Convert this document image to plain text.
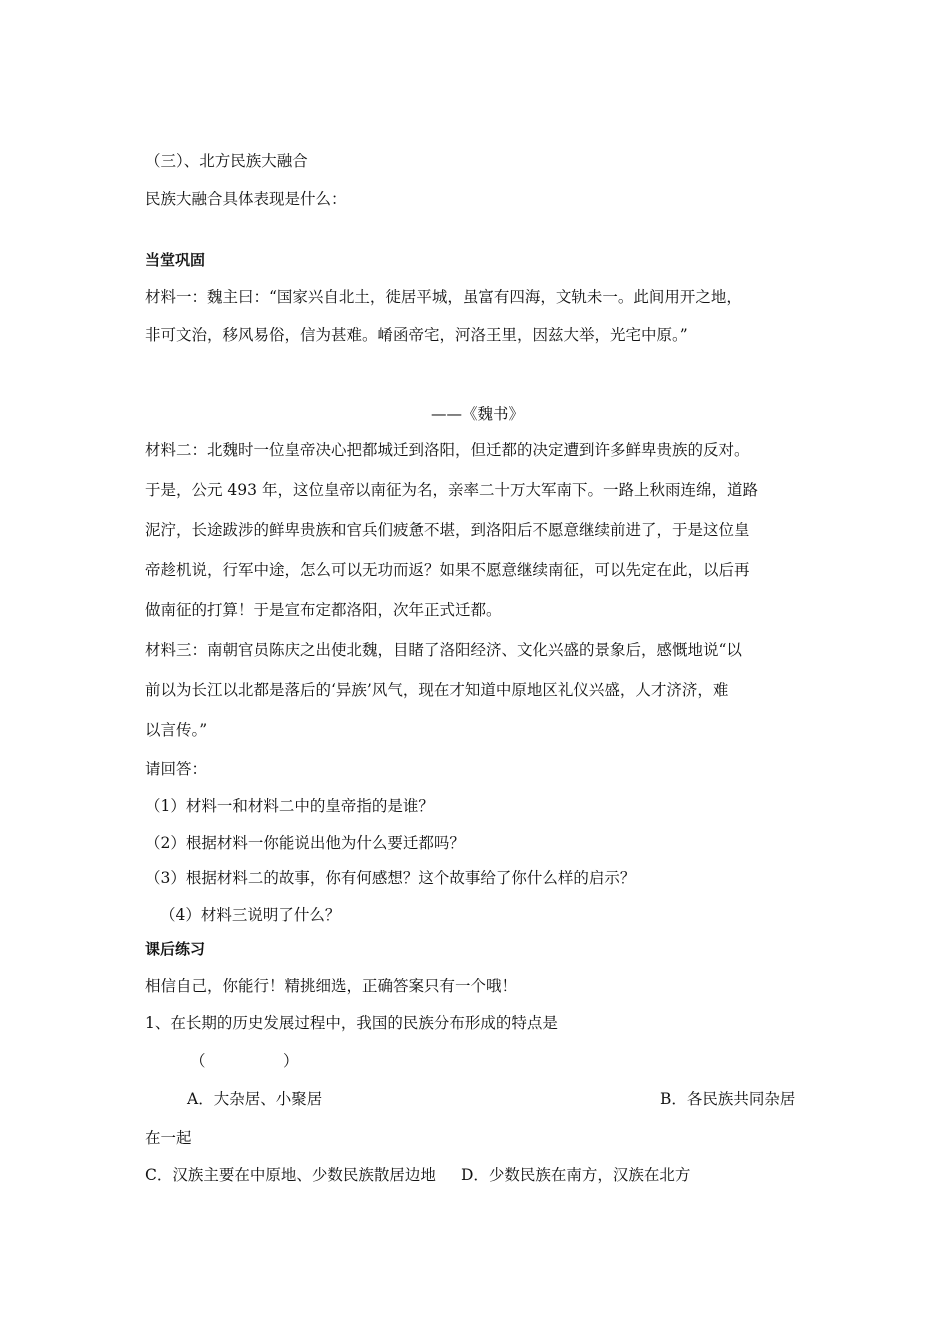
（三）、北方民族大融合
民族大融合具体表现是什么：
当堂巩固
材料一：魏主曰：“国家兴自北土，徙居平城，虽富有四海，文轨未一。此间用开之地，
非可文治，移风易俗，信为甚难。崤函帝宅，河洛王里，因兹大举，光宅中原。”
——《魏书》
材料二：北魏时一位皇帝决心把都城迁到洛阳，但迁都的决定遭到许多鲜卑贵族的反对。
于是，公元 493 年，这位皇帝以南征为名，亲率二十万大军南下。一路上秋雨连绵，道路
泥泞，长途跋涉的鲜卑贵族和官兵们疲惫不堪，到洛阳后不愿意继续前进了，于是这位皇
帝趁机说，行军中途，怎么可以无功而返？如果不愿意继续南征，可以先定在此，以后再
做南征的打算！于是宣布定都洛阳，次年正式迁都。
材料三：南朝官员陈庆之出使北魏，目睹了洛阳经济、文化兴盛的景象后，感慨地说“以
前以为长江以北都是落后的‘异族’风气，现在才知道中原地区礼仪兴盛，人才济济，难
以言传。”
请回答：
（1）材料一和材料二中的皇帝指的是谁？
（2）根据材料一你能说出他为什么要迁都吗？
（3）根据材料二的故事，你有何感想？这个故事给了你什么样的启示？
（4）材料三说明了什么？
课后练习
相信自己，你能行！精挑细选，正确答案只有一个哦！
1、在长期的历史发展过程中，我国的民族分布形成的特点是
（　　　　　）
A．大杂居、小聚居	B．各民族共同杂居
在一起
C．汉族主要在中原地、少数民族散居边地	D．少数民族在南方，汉族在北方
